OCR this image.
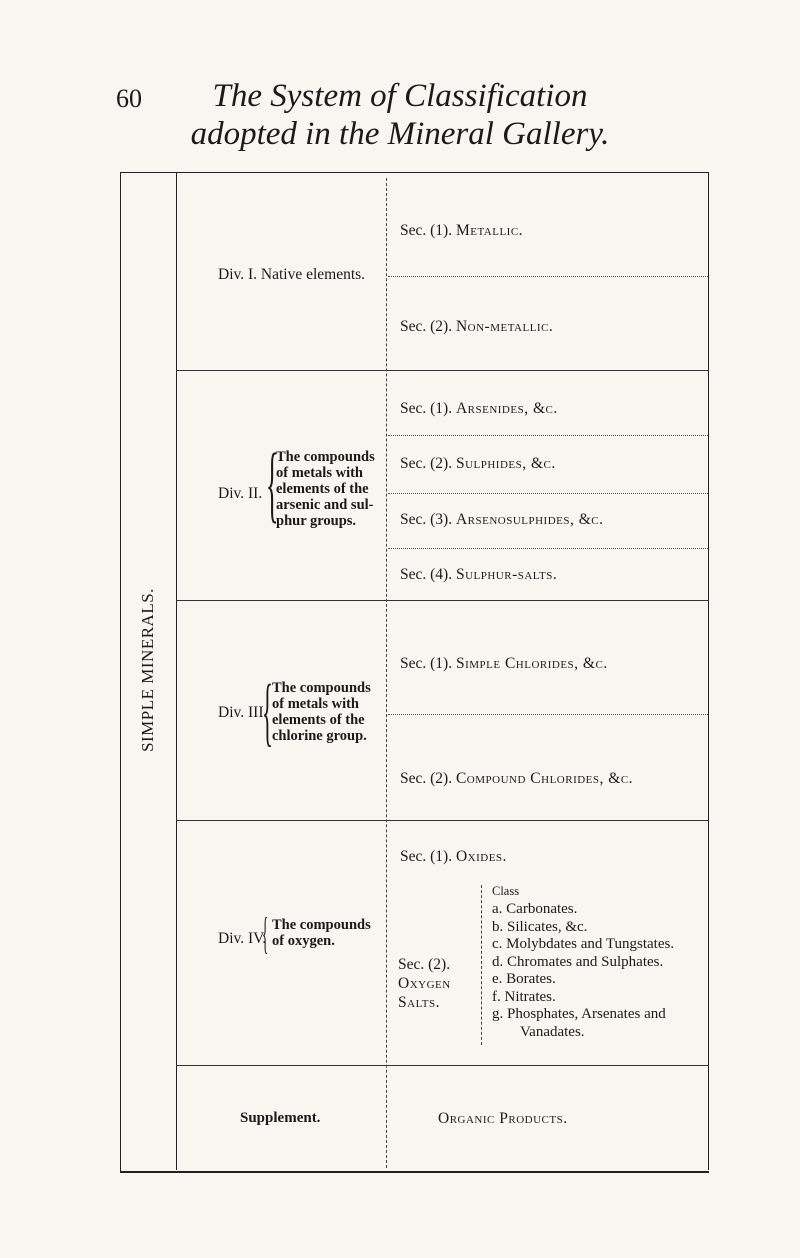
60	The System of Classification
adopted in the Mineral Gallery.
SIMPLE MINERALS.
Sec. (1). Metallic.
Div. I. Native elements.
Sec. (2). Non-metallic.
Sec. (1). Arsenides, &c.
Sec. (2). Sulphides, &c.
Sec. (3). Arsenosulphides, &c.
Sec. (4). Sulphur-salts.
Div. II. {
The compounds
of metals with
elements of the
arsenic and sul-
phur groups.
Sec. (1). Simple Chlorides, &c.
Sec. (2). Compound Chlorides, &c.
Div. III.
{ The compounds
of metals with
elements of the
chlorine group.
Sec. (1). Oxides.
Div. IV.
{ The compounds
of oxygen.
Sec. (2).
Oxygen
Salts.
Class
a. Carbonates.
b. Silicates, &c.
c. Molybdates and Tungstates.
d. Chromates and Sulphates.
e. Borates.
f. Nitrates.
g. Phosphates, Arsenates and
Vanadates.
Supplement.	Organic Products.
